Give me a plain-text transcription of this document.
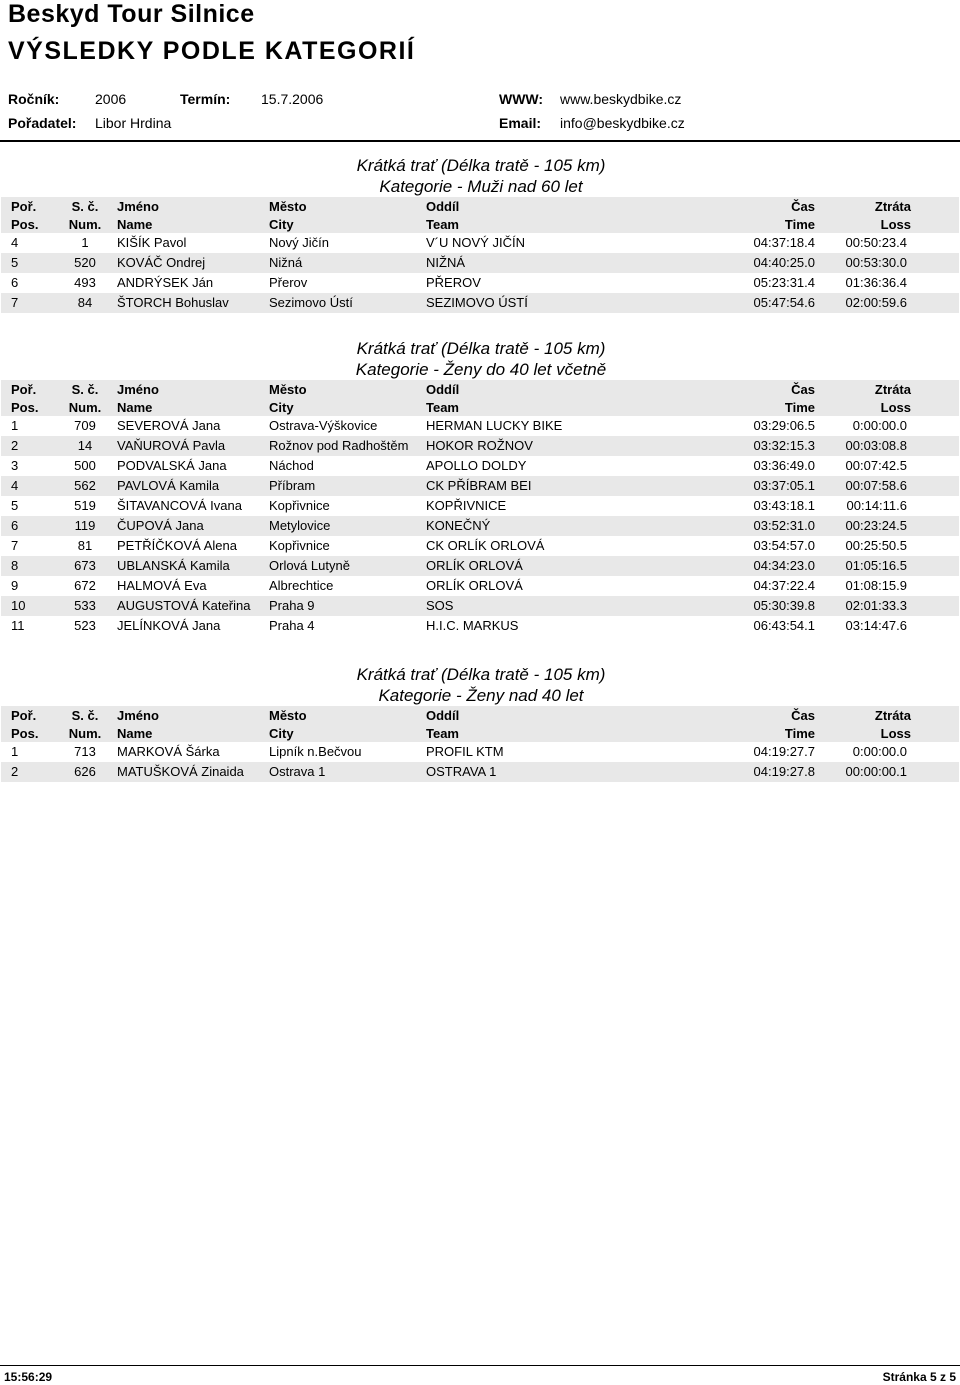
Beskyd Tour Silnice
VÝSLEDKY PODLE KATEGORIÍ
Ročník:	2006	Termín: 15.7.2006	WWW: www.beskydbike.cz
Pořadatel: Libor Hrdina	Email: info@beskydbike.cz
Krátká trať (Délka tratě - 105 km)
Kategorie - Muži nad 60 let
Poř.	S. č.	Jméno	Město	Oddíl	Čas	Ztráta
Pos.	Num.	Name	City	Team	Time	Loss
4	1	KIŠÍK Pavol	Nový Jičín	V´U NOVÝ JIČÍN	04:37:18.4	00:50:23.4
5	520	KOVÁČ Ondrej	Nižná	NIŽNÁ	04:40:25.0	00:53:30.0
6	493	ANDRÝSEK Ján	Přerov	PŘEROV	05:23:31.4	01:36:36.4
7	84	ŠTORCH Bohuslav	Sezimovo Ústí	SEZIMOVO ÚSTÍ	05:47:54.6	02:00:59.6
Krátká trať (Délka tratě - 105 km)
Kategorie - Ženy do 40 let včetně
Poř.	S. č.	Jméno	Město	Oddíl	Čas	Ztráta
Pos.	Num.	Name	City	Team	Time	Loss
1	709	SEVEROVÁ Jana	Ostrava-Výškovice	HERMAN LUCKY BIKE	03:29:06.5	0:00:00.0
2	14	VAŇUROVÁ Pavla	Rožnov pod Radhoštěm	HOKOR ROŽNOV	03:32:15.3	00:03:08.8
3	500	PODVALSKÁ Jana	Náchod	APOLLO DOLDY	03:36:49.0	00:07:42.5
4	562	PAVLOVÁ Kamila	Příbram	CK PŘÍBRAM BEI	03:37:05.1	00:07:58.6
5	519	ŠITAVANCOVÁ Ivana	Kopřivnice	KOPŘIVNICE	03:43:18.1	00:14:11.6
6	119	ČUPOVÁ Jana	Metylovice	KONEČNÝ	03:52:31.0	00:23:24.5
7	81	PETŘÍČKOVÁ Alena	Kopřivnice	CK ORLÍK ORLOVÁ	03:54:57.0	00:25:50.5
8	673	UBLANSKÁ Kamila	Orlová Lutyně	ORLÍK ORLOVÁ	04:34:23.0	01:05:16.5
9	672	HALMOVÁ Eva	Albrechtice	ORLÍK ORLOVÁ	04:37:22.4	01:08:15.9
10	533	AUGUSTOVÁ Kateřina	Praha 9	SOS	05:30:39.8	02:01:33.3
11	523	JELÍNKOVÁ Jana	Praha 4	H.I.C. MARKUS	06:43:54.1	03:14:47.6
Krátká trať (Délka tratě - 105 km)
Kategorie - Ženy nad 40 let
Poř.	S. č.	Jméno	Město	Oddíl	Čas	Ztráta
Pos.	Num.	Name	City	Team	Time	Loss
1	713	MARKOVÁ Šárka	Lipník n.Bečvou	PROFIL KTM	04:19:27.7	0:00:00.0
2	626	MATUŠKOVÁ Zinaida	Ostrava 1	OSTRAVA 1	04:19:27.8	00:00:00.1
15:56:29	Stránka 5 z 5
